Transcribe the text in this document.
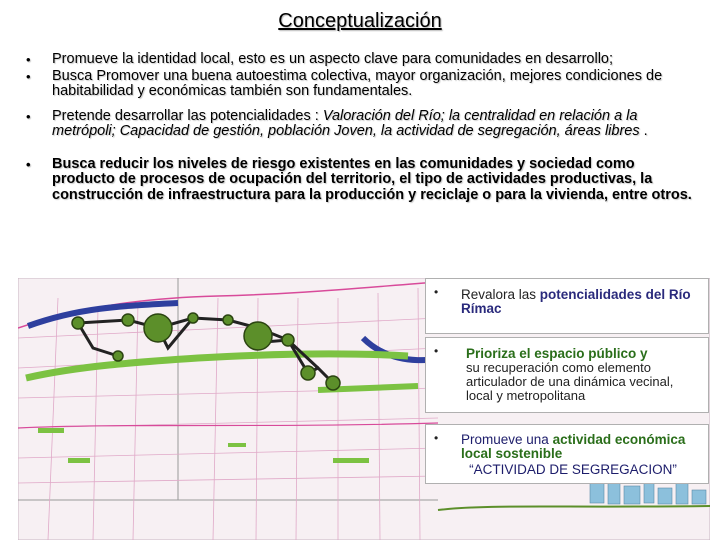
Conceptualización
• Promueve la identidad local, esto es un aspecto clave para comunidades en desarrollo;
• Busca Promover una buena autoestima colectiva, mayor organización, mejores condiciones de habitabilidad y económicas también son fundamentales.
• Pretende desarrollar las potencialidades : Valoración del Río; la centralidad en relación a la metrópoli; Capacidad de gestión, población Joven, la actividad de segregación, áreas libres .
• Busca reducir los niveles de riesgo existentes en las comunidades y sociedad como producto de procesos de ocupación del territorio, el tipo de actividades productivas, la construcción de infraestructura para la producción y reciclaje o para la vivienda, entre otros.
• Revalora las potencialidades del Río Rímac
• Prioriza el espacio público y
su recuperación como elemento articulador de una dinámica vecinal, local y metropolitana
• Promueve una actividad económica local sostenible
“ACTIVIDAD DE SEGREGACION”
